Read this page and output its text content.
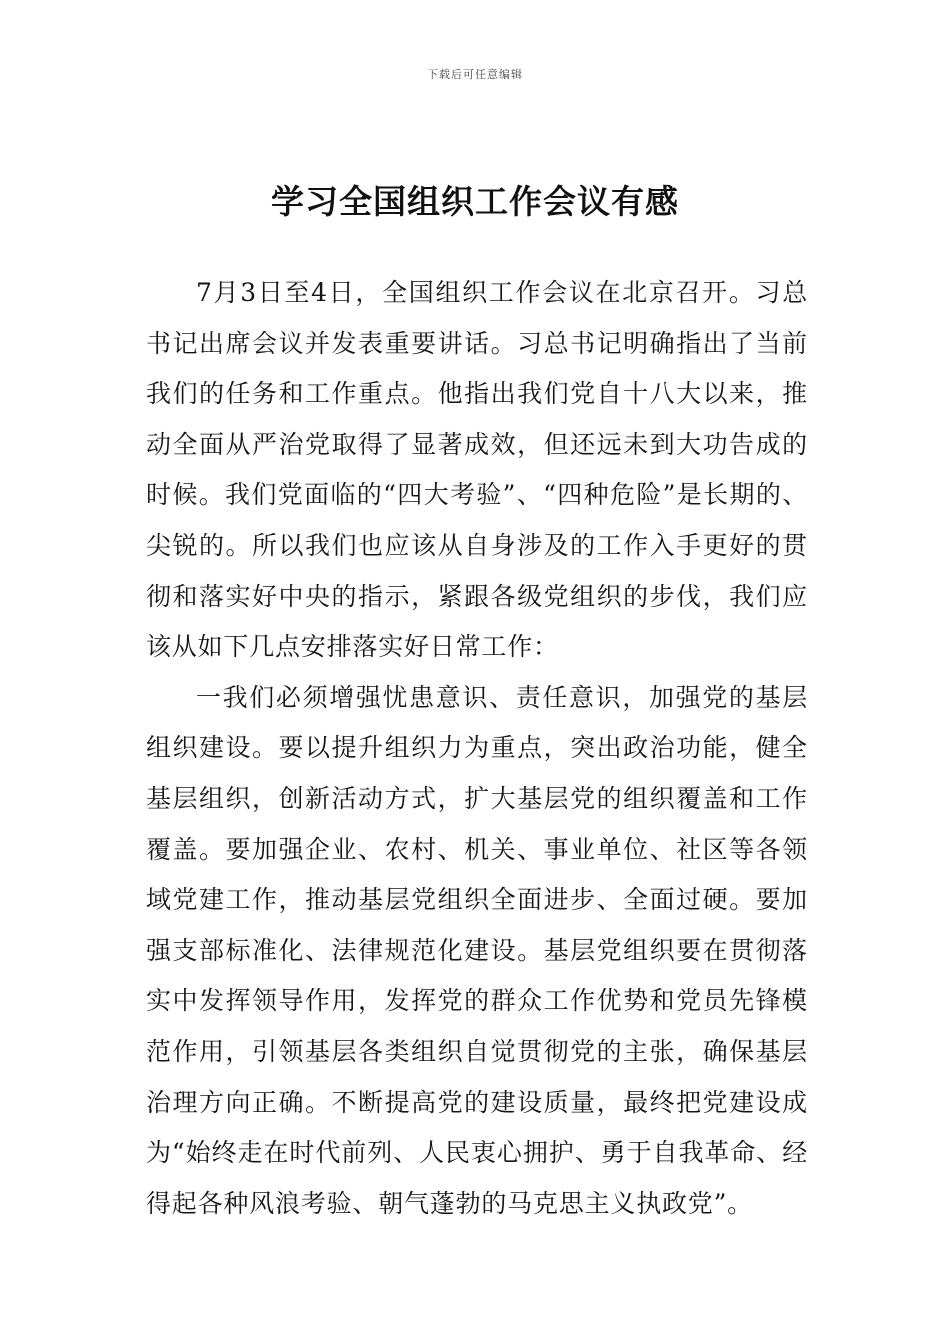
下载后可任意编辑
学习全国组织工作会议有感

7月3日至4日，全国组织工作会议在北京召开。习总书记出席会议并发表重要讲话。习总书记明确指出了当前我们的任务和工作重点。他指出我们党自十八大以来，推动全面从严治党取得了显著成效，但还远未到大功告成的时候。我们党面临的“四大考验”、“四种危险”是长期的、尖锐的。所以我们也应该从自身涉及的工作入手更好的贯彻和落实好中央的指示，紧跟各级党组织的步伐，我们应该从如下几点安排落实好日常工作：

一我们必须增强忧患意识、责任意识，加强党的基层组织建设。要以提升组织力为重点，突出政治功能，健全基层组织，创新活动方式，扩大基层党的组织覆盖和工作覆盖。要加强企业、农村、机关、事业单位、社区等各领域党建工作，推动基层党组织全面进步、全面过硬。要加强支部标准化、法律规范化建设。基层党组织要在贯彻落实中发挥领导作用，发挥党的群众工作优势和党员先锋模范作用，引领基层各类组织自觉贯彻党的主张，确保基层治理方向正确。不断提高党的建设质量，最终把党建设成为“始终走在时代前列、人民衷心拥护、勇于自我革命、经得起各种风浪考验、朝气蓬勃的马克思主义执政党”。
